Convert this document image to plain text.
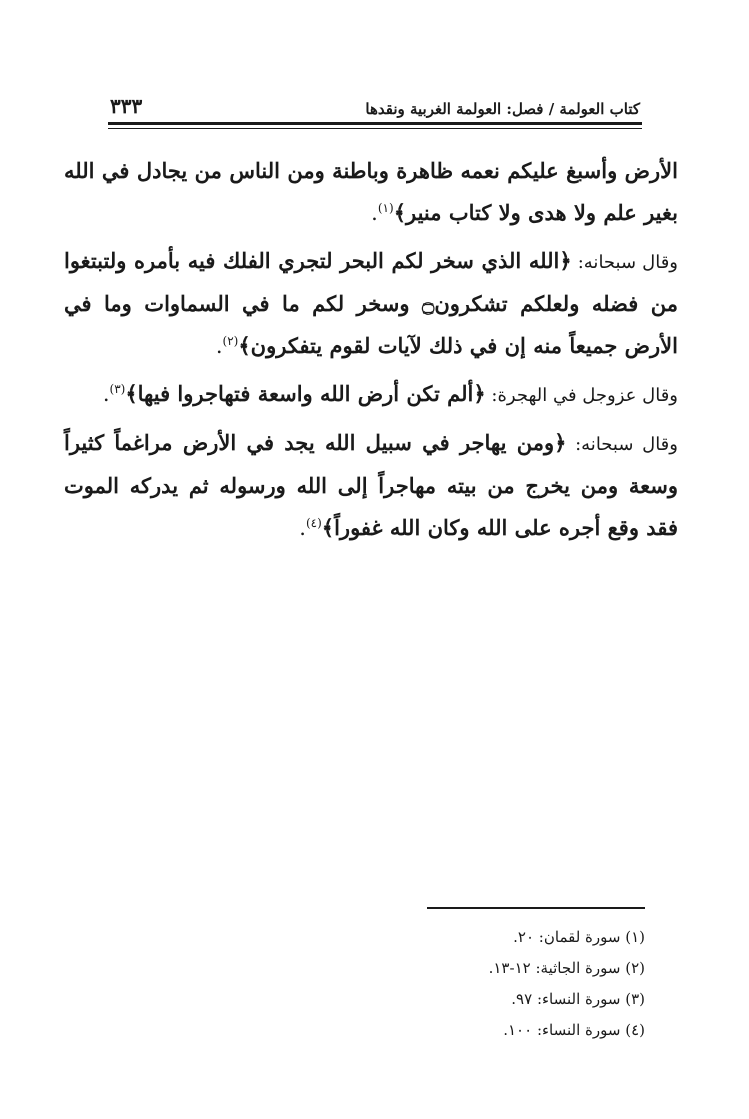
كتاب العولمة / فصل: العولمة الغربية ونقدها
٣٣٣

الأرض وأسبغ عليكم نعمه ظاهرة وباطنة ومن الناس من يجادل في الله بغير علم ولا هدى ولا كتاب منير﴾$^{(١)}$.

وقال سبحانه: ﴿الله الذي سخر لكم البحر لتجري الفلك فيه بأمره ولتبتغوا من فضله ولعلكم تشكرون۝ وسخر لكم ما في السماوات وما في الأرض جميعاً منه إن في ذلك لآيات لقوم يتفكرون﴾$^{(٢)}$.

وقال عزوجل في الهجرة: ﴿ألم تكن أرض الله واسعة فتهاجروا فيها﴾$^{(٣)}$.

وقال سبحانه: ﴿ومن يهاجر في سبيل الله يجد في الأرض مراغماً كثيراً وسعة ومن يخرج من بيته مهاجراً إلى الله ورسوله ثم يدركه الموت فقد وقع أجره على الله وكان الله غفوراً﴾$^{(٤)}$.

(١) سورة لقمان: ٢٠.
(٢) سورة الجاثية: ١٢-١٣.
(٣) سورة النساء: ٩٧.
(٤) سورة النساء: ١٠٠.
